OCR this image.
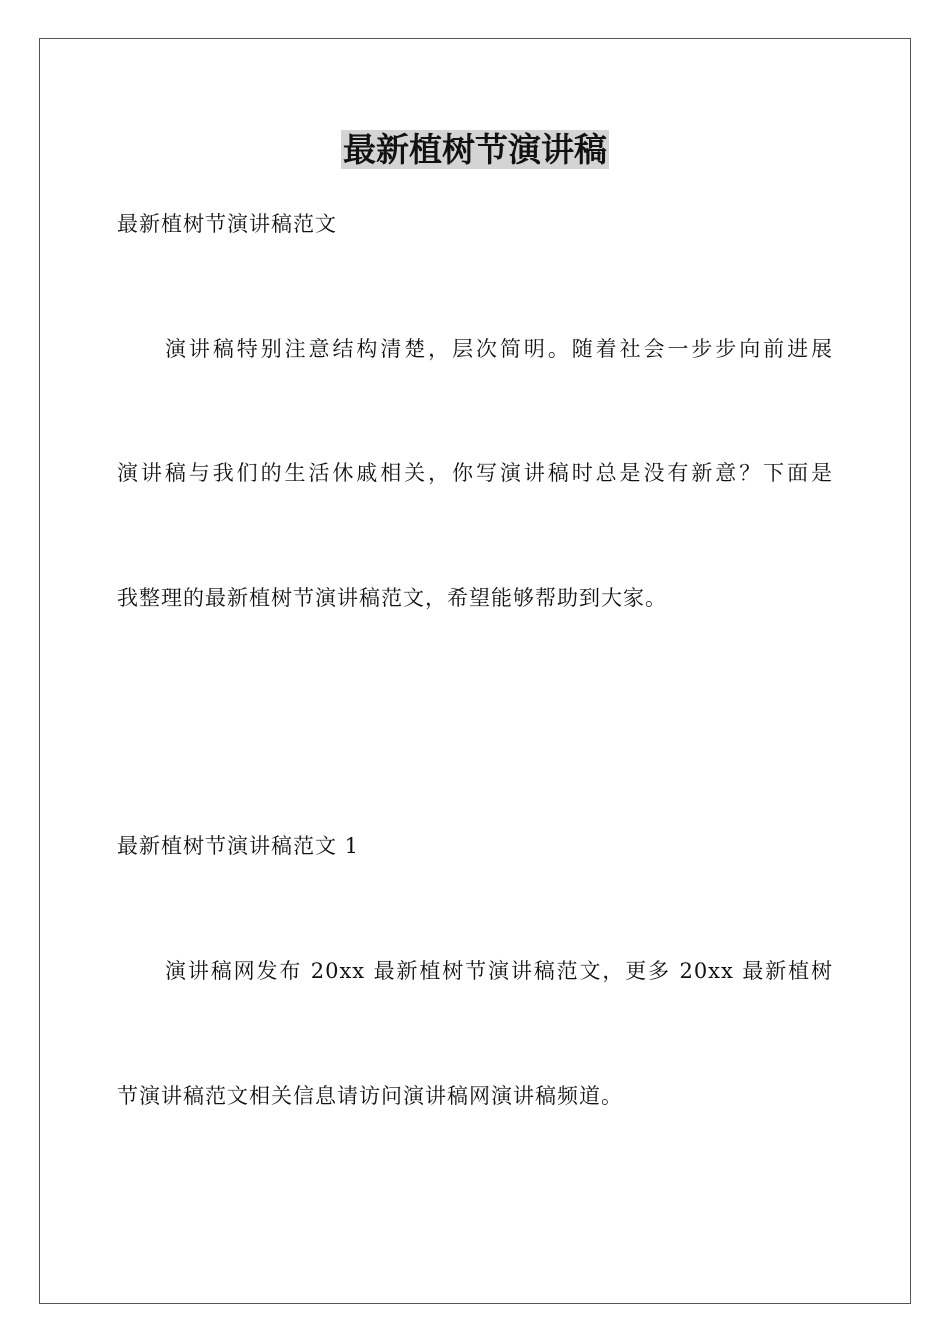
最新植树节演讲稿
最新植树节演讲稿范文
演讲稿特别注意结构清楚，层次简明。随着社会一步步向前进展
演讲稿与我们的生活休戚相关，你写演讲稿时总是没有新意？下面是
我整理的最新植树节演讲稿范文，希望能够帮助到大家。
最新植树节演讲稿范文 1
演讲稿网发布 20xx 最新植树节演讲稿范文，更多 20xx 最新植树
节演讲稿范文相关信息请访问演讲稿网演讲稿频道。
